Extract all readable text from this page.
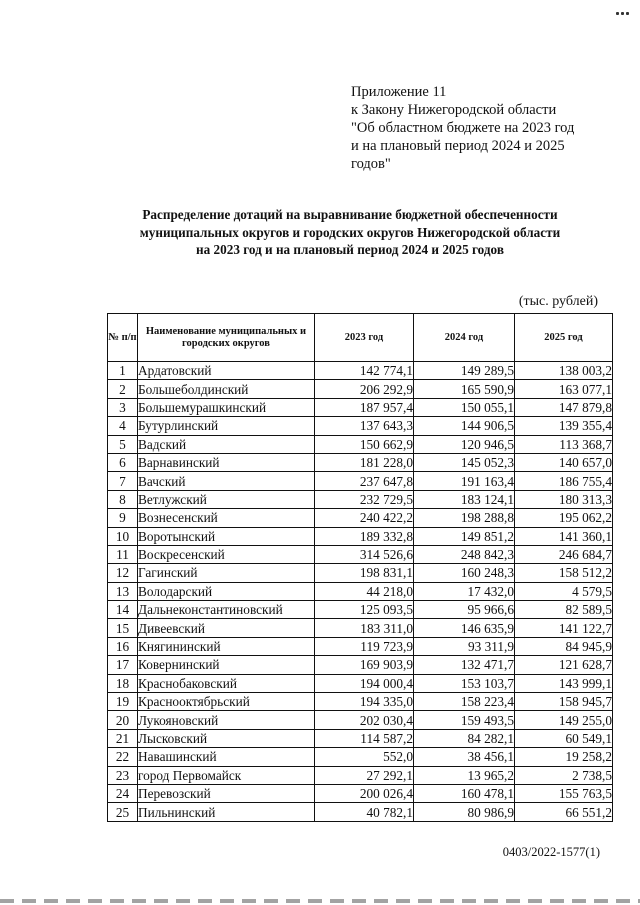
Приложение 11
к Закону Нижегородской области
"Об областном бюджете на 2023 год
и на плановый период 2024 и 2025
годов"
Распределение дотаций на выравнивание бюджетной обеспеченности
муниципальных округов и городских округов Нижегородской области
на 2023 год и на плановый период 2024 и 2025 годов
(тыс. рублей)
№ п/п	Наименование муниципальных и городских округов	2023 год	2024 год	2025 год
1	Ардатовский	142 774,1	149 289,5	138 003,2
2	Большеболдинский	206 292,9	165 590,9	163 077,1
3	Большемурашкинский	187 957,4	150 055,1	147 879,8
4	Бутурлинский	137 643,3	144 906,5	139 355,4
5	Вадский	150 662,9	120 946,5	113 368,7
6	Варнавинский	181 228,0	145 052,3	140 657,0
7	Вачский	237 647,8	191 163,4	186 755,4
8	Ветлужский	232 729,5	183 124,1	180 313,3
9	Вознесенский	240 422,2	198 288,8	195 062,2
10	Воротынский	189 332,8	149 851,2	141 360,1
11	Воскресенский	314 526,6	248 842,3	246 684,7
12	Гагинский	198 831,1	160 248,3	158 512,2
13	Володарский	44 218,0	17 432,0	4 579,5
14	Дальнеконстантиновский	125 093,5	95 966,6	82 589,5
15	Дивеевский	183 311,0	146 635,9	141 122,7
16	Княгининский	119 723,9	93 311,9	84 945,9
17	Ковернинский	169 903,9	132 471,7	121 628,7
18	Краснобаковский	194 000,4	153 103,7	143 999,1
19	Краснооктябрьский	194 335,0	158 223,4	158 945,7
20	Лукояновский	202 030,4	159 493,5	149 255,0
21	Лысковский	114 587,2	84 282,1	60 549,1
22	Навашинский	552,0	38 456,1	19 258,2
23	город Первомайск	27 292,1	13 965,2	2 738,5
24	Перевозский	200 026,4	160 478,1	155 763,5
25	Пильнинский	40 782,1	80 986,9	66 551,2
0403/2022-1577(1)
